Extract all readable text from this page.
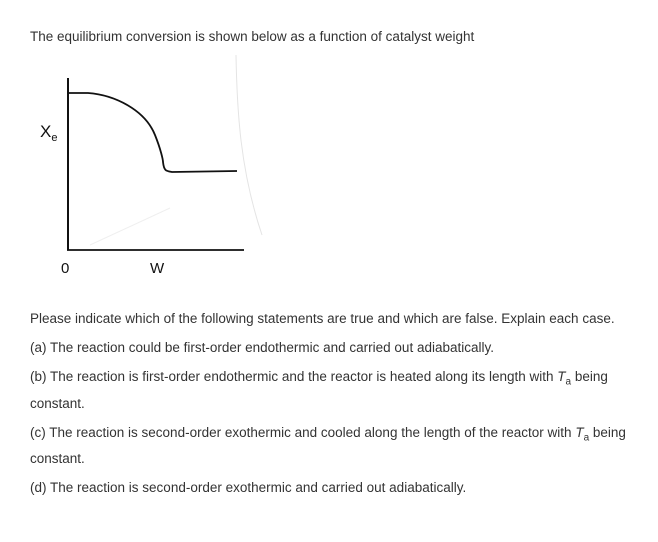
The equilibrium conversion is shown below as a function of catalyst weight
$X_e$
0	W

Please indicate which of the following statements are true and which are false. Explain each case.

(a) The reaction could be first-order endothermic and carried out adiabatically.

(b) The reaction is first-order endothermic and the reactor is heated along its length with $T_a$ being constant.

(c) The reaction is second-order exothermic and cooled along the length of the reactor with $T_a$ being constant.

(d) The reaction is second-order exothermic and carried out adiabatically.
